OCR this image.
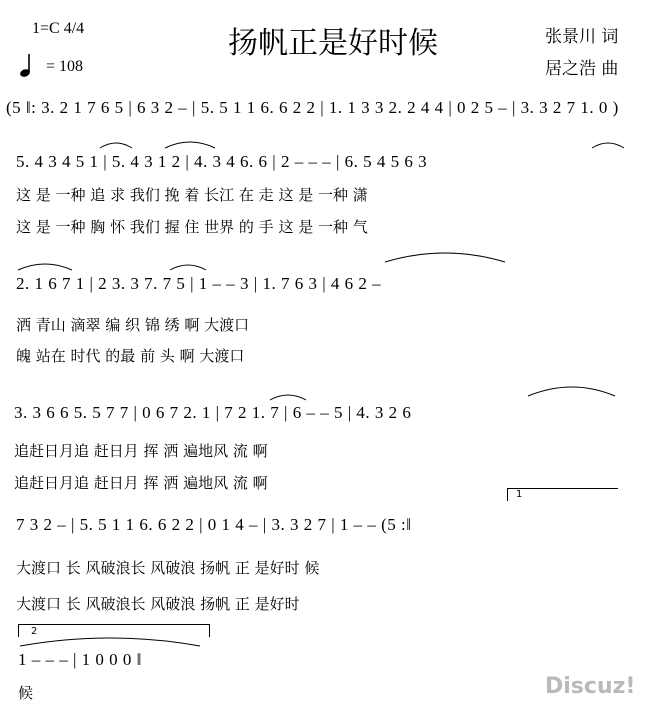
扬帆正是好时候
1=C 4/4
= 108
张景川 词
居之浩 曲
(5 ‖: 3. 2 1 7 6 5 | 6 3 2 – | 5. 5 1 1 6. 6 2 2 | 1. 1 3 3 2. 2 4 4 | 0 2 5 – | 3. 3 2 7 1. 0 )
5. 4 3 4 5 1 | 5. 4 3 1 2 | 4. 3 4 6. 6 | 2 – – – | 6. 5 4 5 6 3
这 是 一种 追 求 我们 挽 着 长江 在 走 这 是 一种 潇
这 是 一种 胸 怀 我们 握 住 世界 的 手 这 是 一种 气
2. 1 6 7 1 | 2 3. 3 7. 7 5 | 1 – – 3 | 1. 7 6 3 | 4 6 2 –
洒 青山 滴翠 编 织 锦 绣 啊 大渡口
魄 站在 时代 的最 前 头 啊 大渡口
3. 3 6 6 5. 5 7 7 | 0 6 7 2. 1 | 7 2 1. 7 | 6 – – 5 | 4. 3 2 6
追赶日月追 赶日月 挥 洒 遍地风 流 啊
追赶日月追 赶日月 挥 洒 遍地风 流 啊
7 3 2 – | 5. 5 1 1 6. 6 2 2 | 0 1 4 – | 3. 3 2 7 | 1 – – (5 :‖
大渡口 长 风破浪长 风破浪 扬帆 正 是好时 候
大渡口 长 风破浪长 风破浪 扬帆 正 是好时
1
2
1 – – – | 1 0 0 0 ‖
候	Discuz!
